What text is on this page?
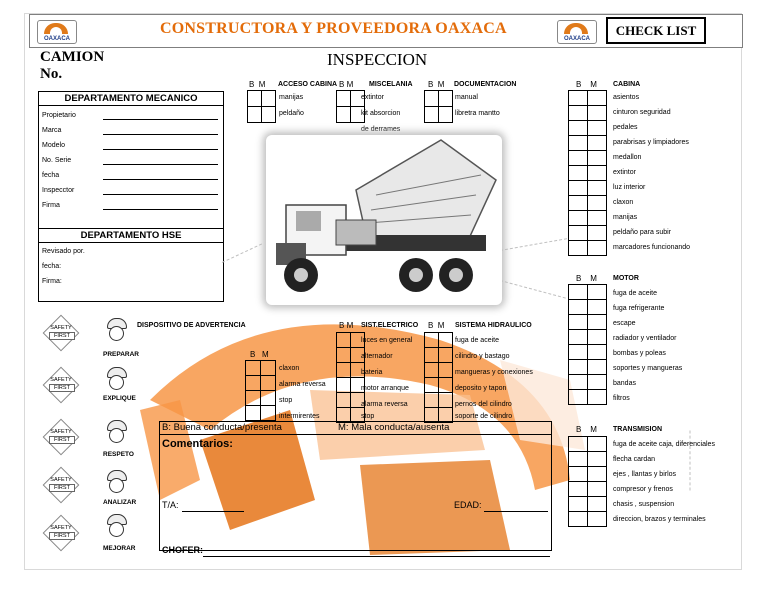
OAXACA
CONSTRUCTORA Y PROVEEDORA OAXACA
OAXACA
CHECK LIST
CAMION
No.
INSPECCION
DEPARTAMENTO MECANICO
Propietario
Marca
Modelo
No. Serie
fecha
Inspecctor
Firma
DEPARTAMENTO HSE
Revisado por.
fecha:
Firma:
B M ACCESO CABINA

manijas
peldaño
B M MISCELANIA

extintor
kit absorcion
de derrames
B M DOCUMENTACION

manual
libretra mantto
B M CABINA

asientos
cinturon seguridad
pedales
parabrisas y limpiadores
medallon
extintor
luz interior
claxon
manijas
peldaño para subir
marcadores funcionando
B M MOTOR

fuga de aceite
fuga refrigerante
escape
radiador y ventilador
bombas y poleas
soportes y mangueras
bandas
filtros
B M TRANSMISION

fuga de aceite caja, diferenciales
flecha cardan
ejes , llantas y birlos
compresor y frenos
chasis , suspension
direccion, brazos y terminales
DISPOSITIVO DE ADVERTENCIA
B M

claxon
alarma reversa
stop
intermirentes
B M SIST.ELECTRICO

luces en general
alternador
bateria
motor arranque
alarma reversa
stop
B M SISTEMA HIDRAULICO

fuga de aceite
cilindro y bastago
mangueras y conexiones
deposito y tapon
pernos del cilindro
soporte de cilindro
B: Buena conducta/presenta	M: Mala conducta/ausenta
Comentarios:
T/A:	EDAD:
CHOFER:
SAFETY
FIRST
PREPARAR
SAFETY
FIRST
EXPLIQUE
SAFETY
FIRST
RESPETO
SAFETY
FIRST
ANALIZAR
SAFETY
FIRST
MEJORAR
